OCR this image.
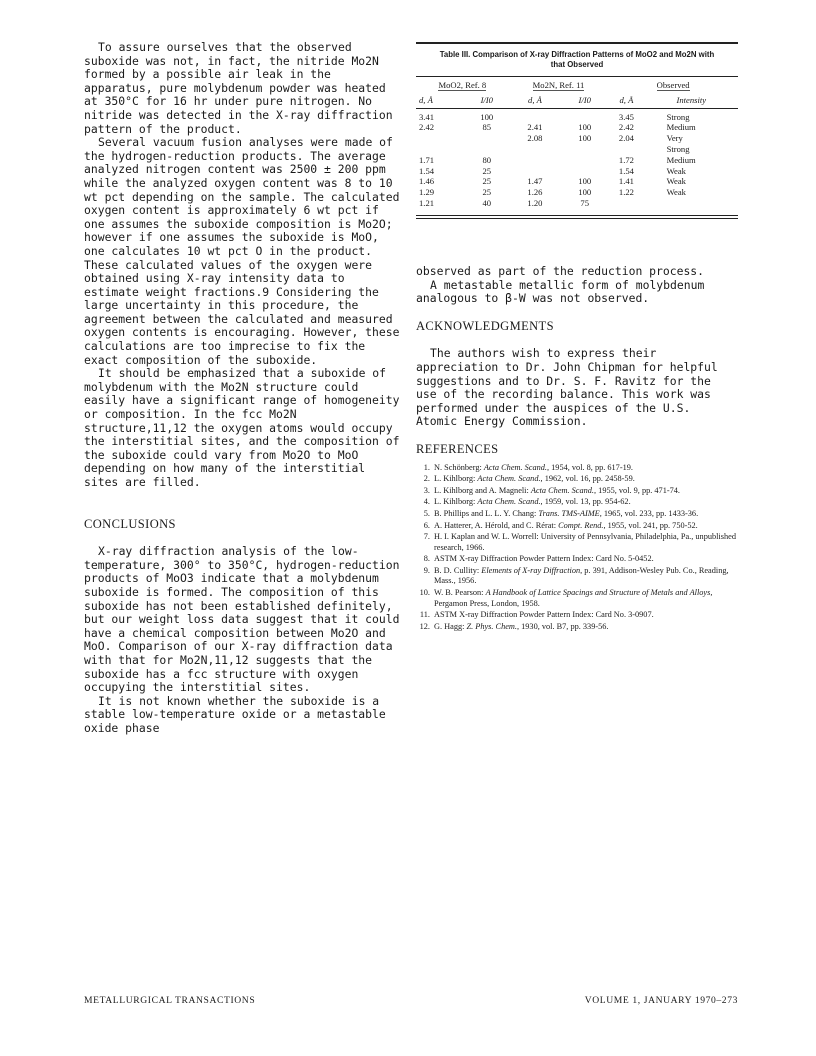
To assure ourselves that the observed suboxide was not, in fact, the nitride Mo2N formed by a possible air leak in the apparatus, pure molybdenum powder was heated at 350°C for 16 hr under pure nitrogen. No nitride was detected in the X-ray diffraction pattern of the product.

Several vacuum fusion analyses were made of the hydrogen-reduction products. The average analyzed nitrogen content was 2500 ± 200 ppm while the analyzed oxygen content was 8 to 10 wt pct depending on the sample. The calculated oxygen content is approximately 6 wt pct if one assumes the suboxide composition is Mo2O; however if one assumes the suboxide is MoO, one calculates 10 wt pct O in the product. These calculated values of the oxygen were obtained using X-ray intensity data to estimate weight fractions.9 Considering the large uncertainty in this procedure, the agreement between the calculated and measured oxygen contents is encouraging. However, these calculations are too imprecise to fix the exact composition of the suboxide.

It should be emphasized that a suboxide of molybdenum with the Mo2N structure could easily have a significant range of homogeneity or composition. In the fcc Mo2N structure,11,12 the oxygen atoms would occupy the interstitial sites, and the composition of the suboxide could vary from Mo2O to MoO depending on how many of the interstitial sites are filled.

CONCLUSIONS

X-ray diffraction analysis of the low-temperature, 300° to 350°C, hydrogen-reduction products of MoO3 indicate that a molybdenum suboxide is formed. The composition of this suboxide has not been established definitely, but our weight loss data suggest that it could have a chemical composition between Mo2O and MoO. Comparison of our X-ray diffraction data with that for Mo2N,11,12 suggests that the suboxide has a fcc structure with oxygen occupying the interstitial sites.

It is not known whether the suboxide is a stable low-temperature oxide or a metastable oxide phase

Table III. Comparison of X-ray Diffraction Patterns of MoO2 and Mo2N with that Observed
MoO2, Ref. 8		Mo2N, Ref. 11		Observed	
d, Å	I/I0	d, Å	I/I0	d, Å	Intensity

3.41	100			3.45	Strong
2.42	85	2.41	100	2.42	Medium
		2.08	100	2.04	Very
					Strong
1.71	80			1.72	Medium
1.54	25			1.54	Weak
1.46	25	1.47	100	1.41	Weak
1.29	25	1.26	100	1.22	Weak
1.21	40	1.20	75		

observed as part of the reduction process.

A metastable metallic form of molybdenum analogous to β-W was not observed.

ACKNOWLEDGMENTS

The authors wish to express their appreciation to Dr. John Chipman for helpful suggestions and to Dr. S. F. Ravitz for the use of the recording balance. This work was performed under the auspices of the U.S. Atomic Energy Commission.

REFERENCES

1. N. Schönberg: Acta Chem. Scand., 1954, vol. 8, pp. 617-19.
2. L. Kihlborg: Acta Chem. Scand., 1962, vol. 16, pp. 2458-59.
3. L. Kihlborg and A. Magneli: Acta Chem. Scand., 1955, vol. 9, pp. 471-74.
4. L. Kihlborg: Acta Chem. Scand., 1959, vol. 13, pp. 954-62.
5. B. Phillips and L. L. Y. Chang: Trans. TMS-AIME, 1965, vol. 233, pp. 1433-36.
6. A. Hatterer, A. Hérold, and C. Rérat: Compt. Rend., 1955, vol. 241, pp. 750-52.
7. H. I. Kaplan and W. L. Worrell: University of Pennsylvania, Philadelphia, Pa., unpublished research, 1966.
8. ASTM X-ray Diffraction Powder Pattern Index: Card No. 5-0452.
9. B. D. Cullity: Elements of X-ray Diffraction, p. 391, Addison-Wesley Pub. Co., Reading, Mass., 1956.
10. W. B. Pearson: A Handbook of Lattice Spacings and Structure of Metals and Alloys, Pergamon Press, London, 1958.
11. ASTM X-ray Diffraction Powder Pattern Index: Card No. 3-0907.
12. G. Hagg: Z. Phys. Chem., 1930, vol. B7, pp. 339-56.
METALLURGICAL TRANSACTIONS	VOLUME 1, JANUARY 1970–273
